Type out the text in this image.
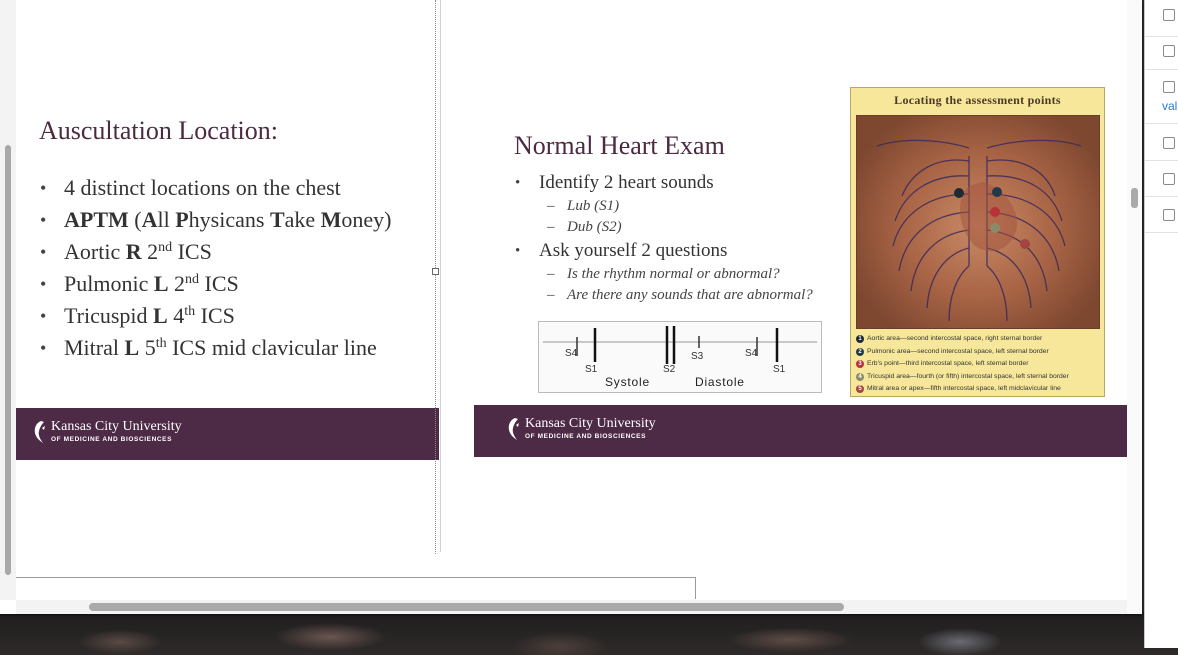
Auscultation Location:
• 4 distinct locations on the chest
• APTM (All Physicans Take Money)
• Aortic R 2nd ICS
• Pulmonic L 2nd ICS
• Tricuspid L 4th ICS
• Mitral L 5th ICS mid clavicular line
Kansas City University
OF MEDICINE AND BIOSCIENCES
Normal Heart Exam
• Identify 2 heart sounds
– Lub (S1)
– Dub (S2)
• Ask yourself 2 questions
– Is the rhythm normal or abnormal?
– Are there any sounds that are abnormal?
S4
S1	S2
S3	S4
S1
Systole	Diastole
Locating the assessment points
1 Aortic area—second intercostal space, right sternal border
2 Pulmonic area—second intercostal space, left sternal border
3 Erb's point—third intercostal space, left sternal border
4 Tricuspid area—fourth (or fifth) intercostal space, left sternal border
5 Mitral area or apex—fifth intercostal space, left midclavicular line
Kansas City University
OF MEDICINE AND BIOSCIENCES
val
